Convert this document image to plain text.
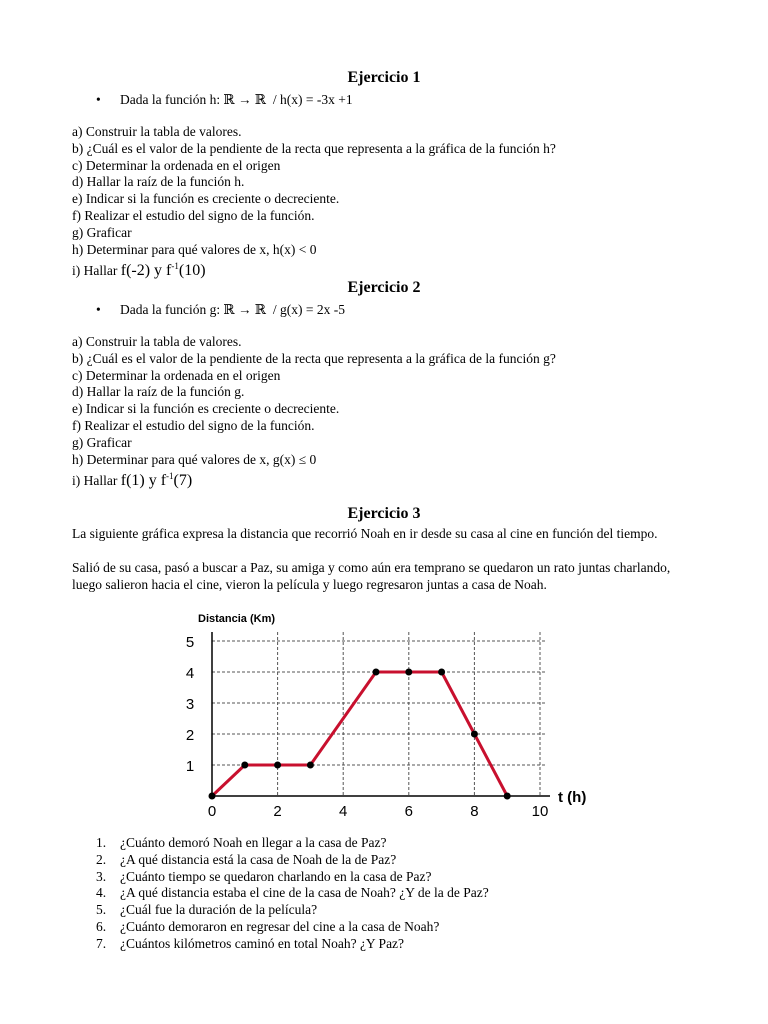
Ejercicio 1
• Dada la función h: ℝ → ℝ / h(x) = -3x +1
a) Construir la tabla de valores.
b) ¿Cuál es el valor de la pendiente de la recta que representa a la gráfica de la función h?
c) Determinar la ordenada en el origen
d) Hallar la raíz de la función h.
e) Indicar si la función es creciente o decreciente.
f) Realizar el estudio del signo de la función.
g) Graficar
h) Determinar para qué valores de x, h(x) < 0
i) Hallar f(-2) y $f^{-1}(10)$
Ejercicio 2
• Dada la función g: ℝ → ℝ / g(x) = 2x -5
a) Construir la tabla de valores.
b) ¿Cuál es el valor de la pendiente de la recta que representa a la gráfica de la función g?
c) Determinar la ordenada en el origen
d) Hallar la raíz de la función g.
e) Indicar si la función es creciente o decreciente.
f) Realizar el estudio del signo de la función.
g) Graficar
h) Determinar para qué valores de x, g(x) ≤ 0
i) Hallar f(1) y $f^{-1}(7)$
Ejercicio 3
La siguiente gráfica expresa la distancia que recorrió Noah en ir desde su casa al cine en función del tiempo.
Salió de su casa, pasó a buscar a Paz, su amiga y como aún era temprano se quedaron un rato juntas charlando, luego salieron hacia el cine, vieron la película y luego regresaron juntas a casa de Noah.
1
2
3
4
5
0	2	4	6	8	10
Distancia (Km)
t (h)
1. ¿Cuánto demoró Noah en llegar a la casa de Paz?
2. ¿A qué distancia está la casa de Noah de la de Paz?
3. ¿Cuánto tiempo se quedaron charlando en la casa de Paz?
4. ¿A qué distancia estaba el cine de la casa de Noah? ¿Y de la de Paz?
5. ¿Cuál fue la duración de la película?
6. ¿Cuánto demoraron en regresar del cine a la casa de Noah?
7. ¿Cuántos kilómetros caminó en total Noah? ¿Y Paz?
